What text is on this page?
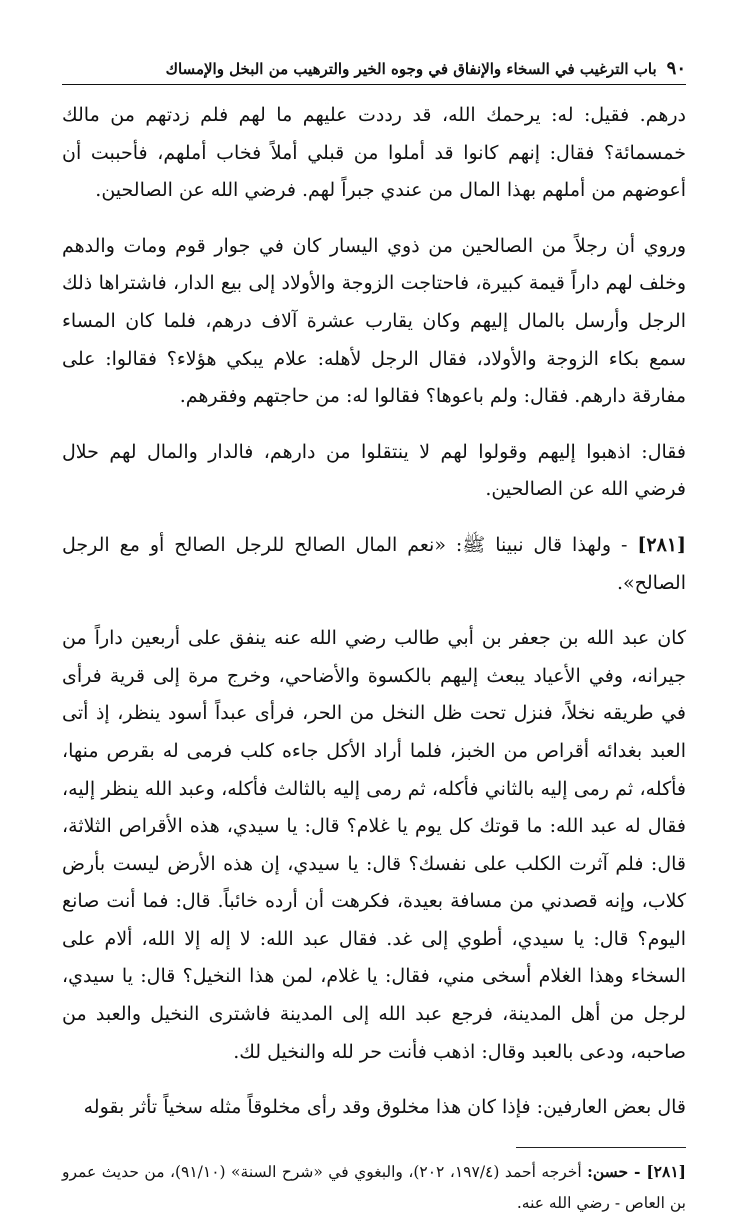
٩٠
باب الترغيب في السخاء والإنفاق في وجوه الخير والترهيب من البخل والإمساك

درهم. فقيل: له: يرحمك الله، قد رددت عليهم ما لهم فلم زدتهم من مالك خمسمائة؟ فقال: إنهم كانوا قد أملوا من قبلي أملاً فخاب أملهم، فأحببت أن أعوضهم من أملهم بهذا المال من عندي جبراً لهم. فرضي الله عن الصالحين.

وروي أن رجلاً من الصالحين من ذوي اليسار كان في جوار قوم ومات والدهم وخلف لهم داراً قيمة كبيرة، فاحتاجت الزوجة والأولاد إلى بيع الدار، فاشتراها ذلك الرجل وأرسل بالمال إليهم وكان يقارب عشرة آلاف درهم، فلما كان المساء سمع بكاء الزوجة والأولاد، فقال الرجل لأهله: علام يبكي هؤلاء؟ فقالوا: على مفارقة دارهم. فقال: ولم باعوها؟ فقالوا له: من حاجتهم وفقرهم.

فقال: اذهبوا إليهم وقولوا لهم لا ينتقلوا من دارهم، فالدار والمال لهم حلال فرضي الله عن الصالحين.

[٢٨١] - ولهذا قال نبينا ﷺ: «نعم المال الصالح للرجل الصالح أو مع الرجل الصالح».

كان عبد الله بن جعفر بن أبي طالب رضي الله عنه ينفق على أربعين داراً من جيرانه، وفي الأعياد يبعث إليهم بالكسوة والأضاحي، وخرج مرة إلى قرية فرأى في طريقه نخلاً، فنزل تحت ظل النخل من الحر، فرأى عبداً أسود ينظر، إذ أتى العبد بغدائه أقراص من الخبز، فلما أراد الأكل جاءه كلب فرمى له بقرص منها، فأكله، ثم رمى إليه بالثاني فأكله، ثم رمى إليه بالثالث فأكله، وعبد الله ينظر إليه، فقال له عبد الله: ما قوتك كل يوم يا غلام؟ قال: يا سيدي، هذه الأقراص الثلاثة، قال: فلم آثرت الكلب على نفسك؟ قال: يا سيدي، إن هذه الأرض ليست بأرض كلاب، وإنه قصدني من مسافة بعيدة، فكرهت أن أرده خائباً. قال: فما أنت صانع اليوم؟ قال: يا سيدي، أطوي إلى غد. فقال عبد الله: لا إله إلا الله، ألام على السخاء وهذا الغلام أسخى مني، فقال: يا غلام، لمن هذا النخيل؟ قال: يا سيدي، لرجل من أهل المدينة، فرجع عبد الله إلى المدينة فاشترى النخيل والعبد من صاحبه، ودعى بالعبد وقال: اذهب فأنت حر لله والنخيل لك.

قال بعض العارفين: فإذا كان هذا مخلوق وقد رأى مخلوقاً مثله سخياً تأثر بقوله

[٢٨١] - حسن: أخرجه أحمد (١٩٧/٤، ٢٠٢)، والبغوي في «شرح السنة» (٩١/١٠)، من حديث عمرو بن العاص - رضي الله عنه.
